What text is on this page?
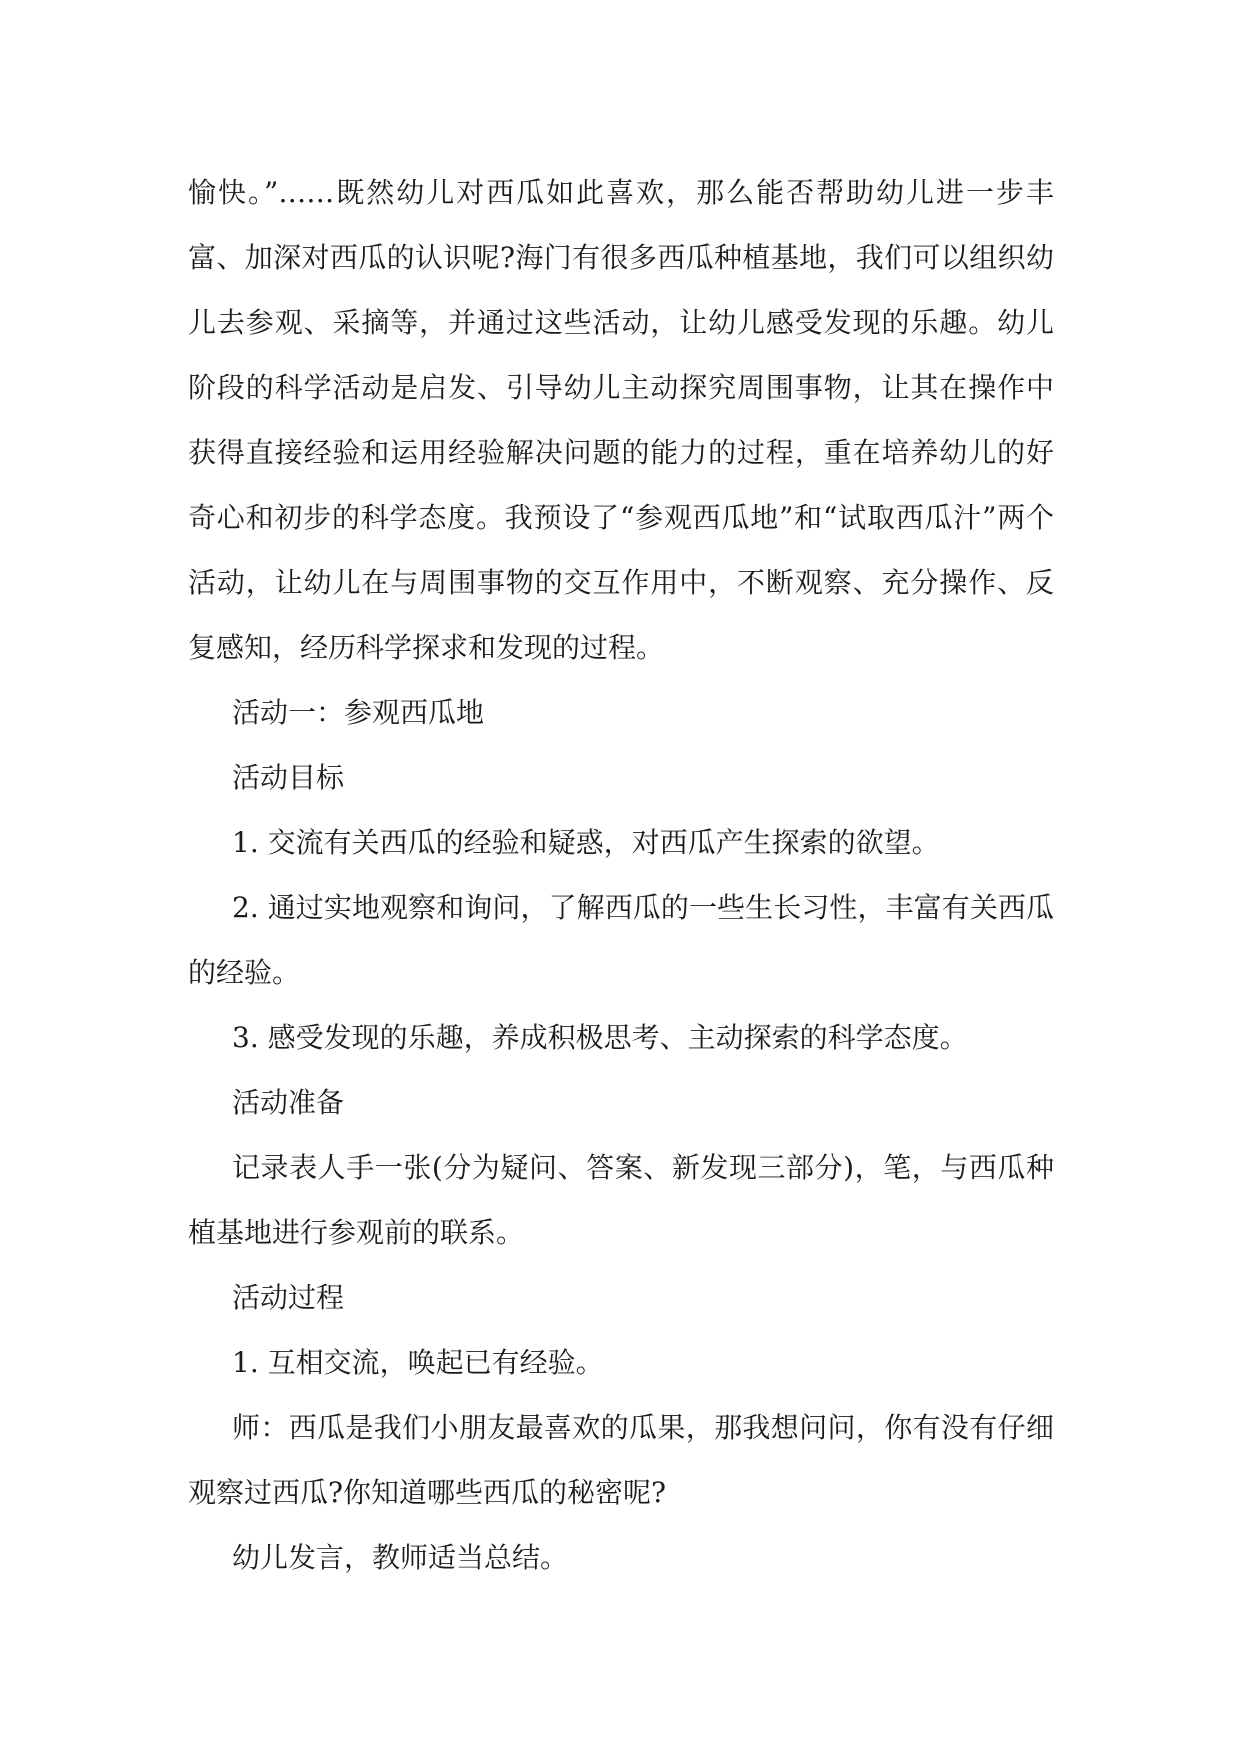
愉快。”……既然幼儿对西瓜如此喜欢，那么能否帮助幼儿进一步丰富、加深对西瓜的认识呢?海门有很多西瓜种植基地，我们可以组织幼儿去参观、采摘等，并通过这些活动，让幼儿感受发现的乐趣。幼儿阶段的科学活动是启发、引导幼儿主动探究周围事物，让其在操作中获得直接经验和运用经验解决问题的能力的过程，重在培养幼儿的好奇心和初步的科学态度。我预设了“参观西瓜地”和“试取西瓜汁”两个活动，让幼儿在与周围事物的交互作用中，不断观察、充分操作、反复感知，经历科学探求和发现的过程。

活动一：参观西瓜地

活动目标

1. 交流有关西瓜的经验和疑惑，对西瓜产生探索的欲望。

2. 通过实地观察和询问，了解西瓜的一些生长习性，丰富有关西瓜的经验。

3. 感受发现的乐趣，养成积极思考、主动探索的科学态度。

活动准备

记录表人手一张(分为疑问、答案、新发现三部分)，笔，与西瓜种植基地进行参观前的联系。

活动过程

1. 互相交流，唤起已有经验。

师：西瓜是我们小朋友最喜欢的瓜果，那我想问问，你有没有仔细观察过西瓜?你知道哪些西瓜的秘密呢?

幼儿发言，教师适当总结。
